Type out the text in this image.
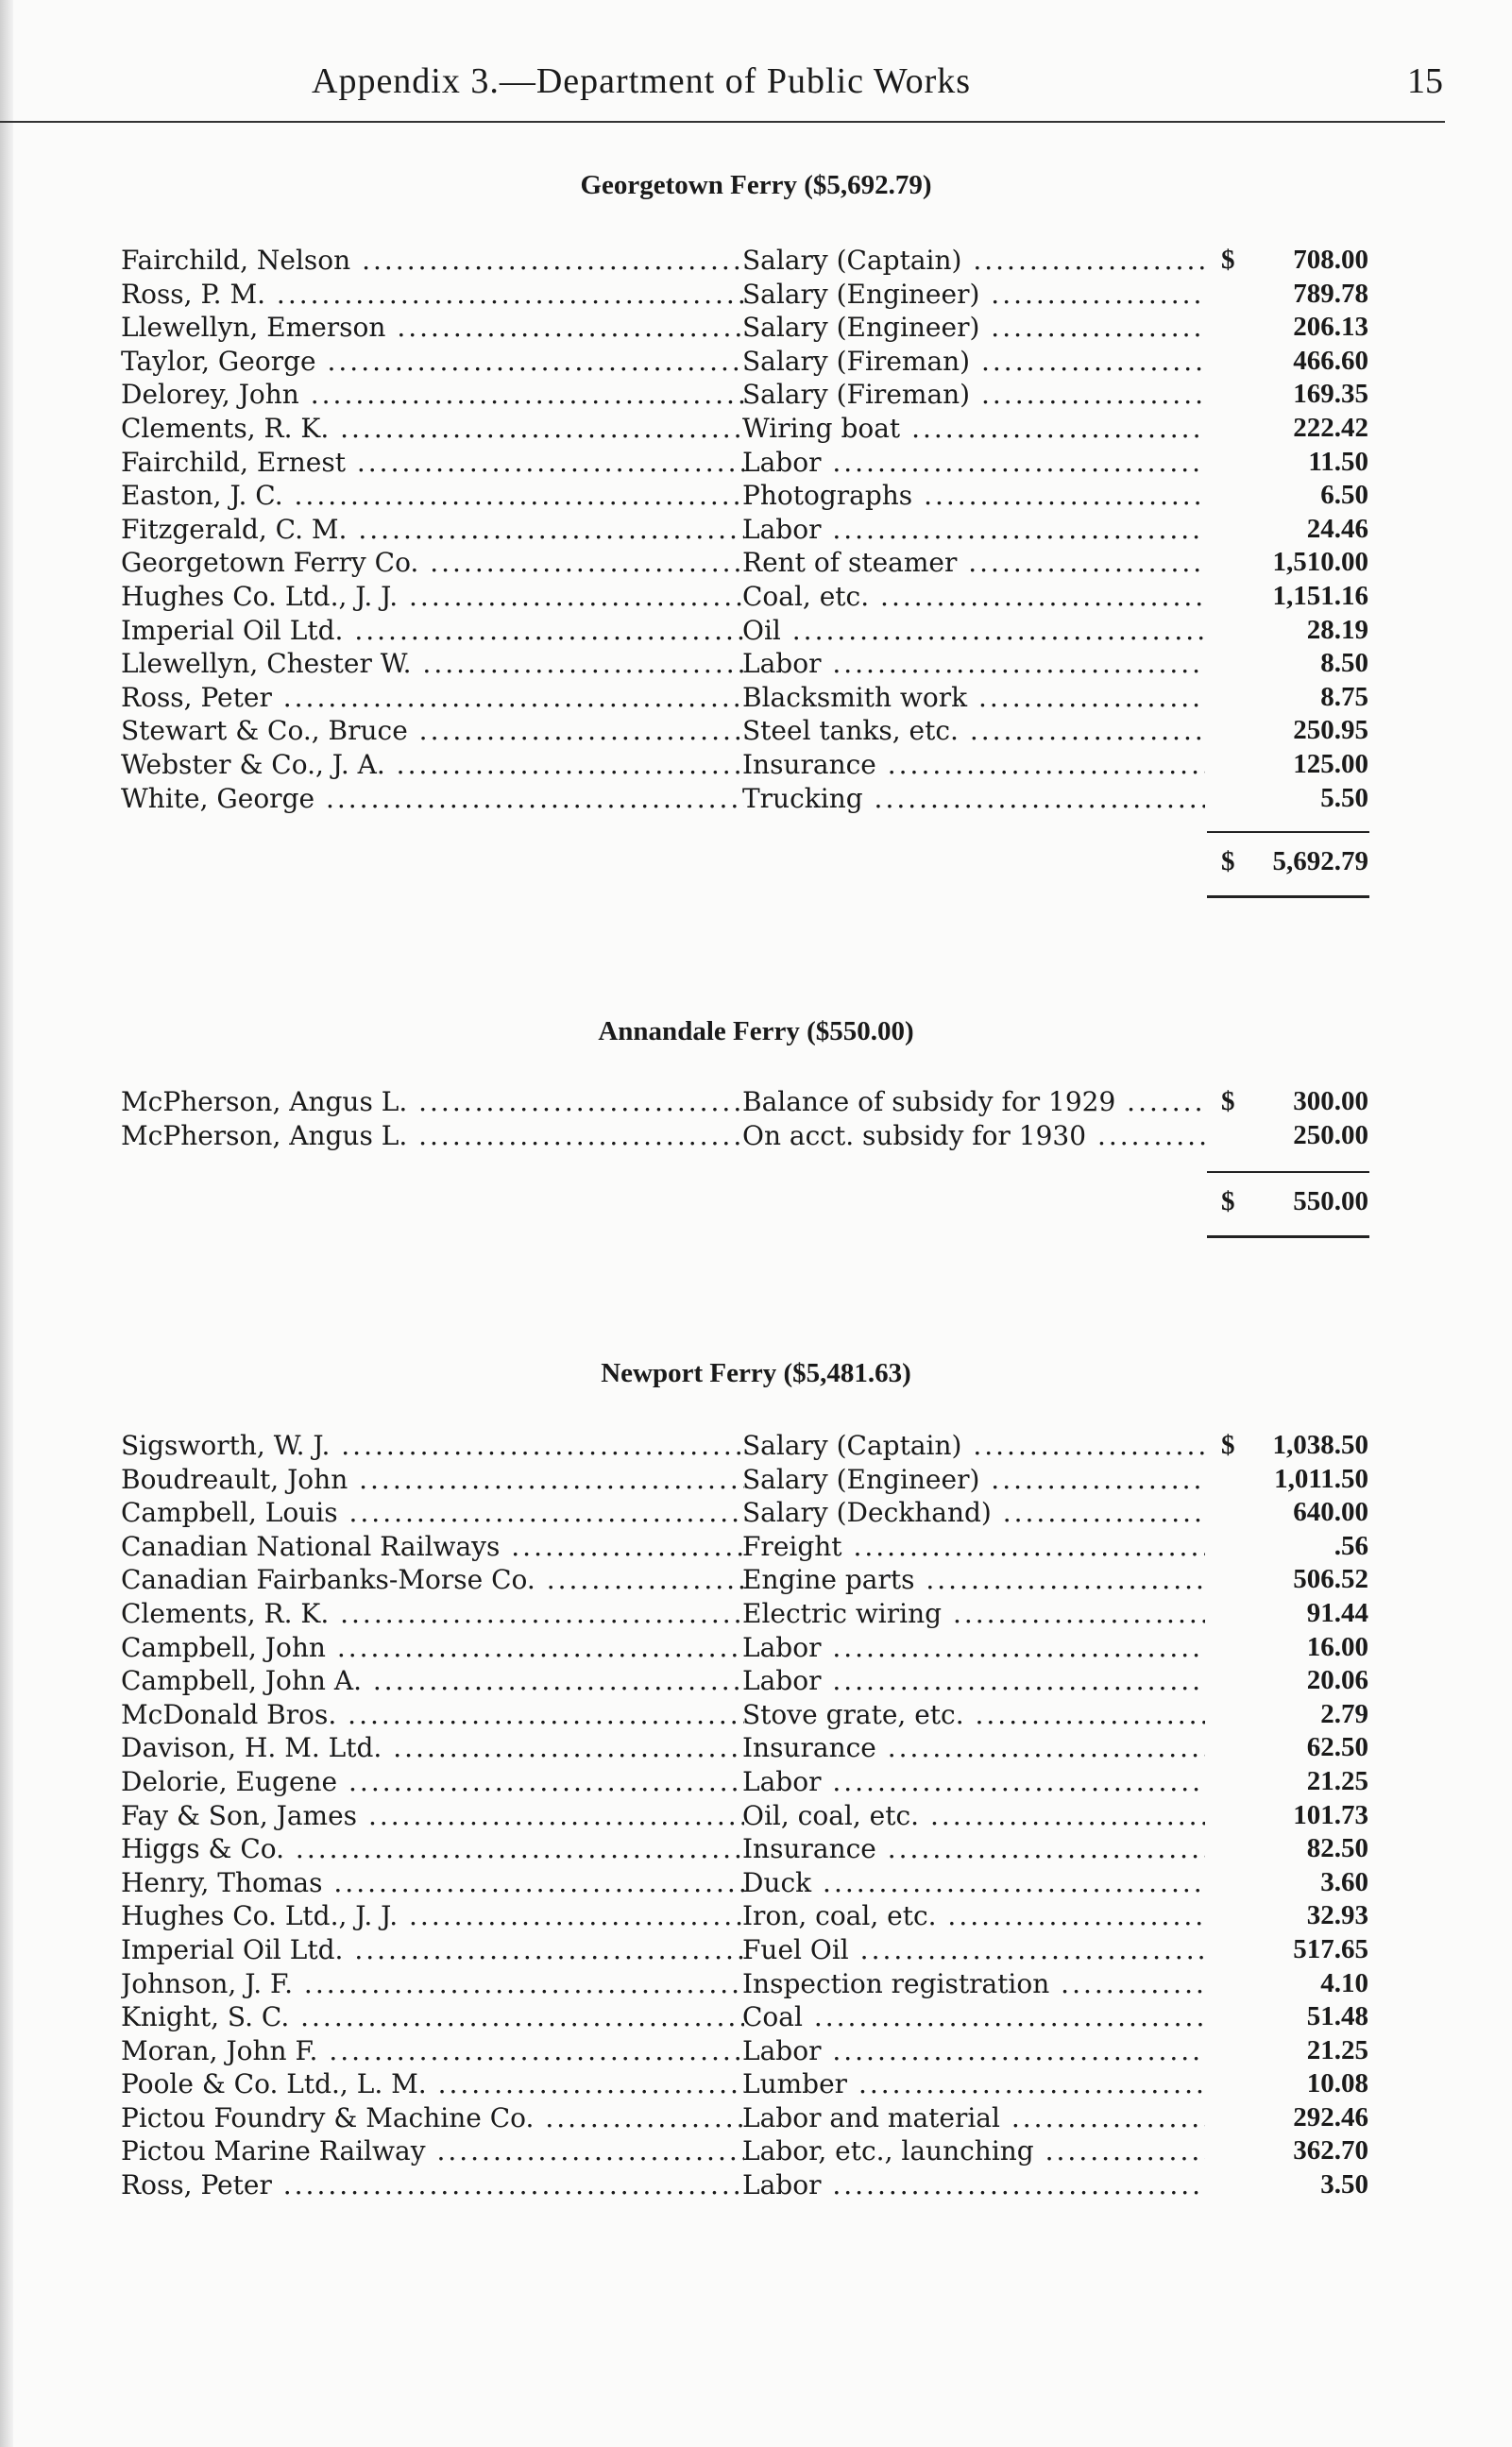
Appendix 3.—Department of Public Works	15
Georgetown Ferry ($5,692.79)
Fairchild, Nelson .....	Salary (Captain) .....	$ 708.00
Ross, P. M. .....	Salary (Engineer) .....	789.78
Llewellyn, Emerson .....	Salary (Engineer) .....	206.13
Taylor, George .....	Salary (Fireman) .....	466.60
Delorey, John .....	Salary (Fireman) .....	169.35
Clements, R. K. .....	Wiring boat .....	222.42
Fairchild, Ernest .....	Labor .....	11.50
Easton, J. C. .....	Photographs .....	6.50
Fitzgerald, C. M. .....	Labor .....	24.46
Georgetown Ferry Co. .....	Rent of steamer .....	1,510.00
Hughes Co. Ltd., J. J. .....	Coal, etc. .....	1,151.16
Imperial Oil Ltd. .....	Oil .....	28.19
Llewellyn, Chester W. .....	Labor .....	8.50
Ross, Peter .....	Blacksmith work .....	8.75
Stewart & Co., Bruce .....	Steel tanks, etc. .....	250.95
Webster & Co., J. A. .....	Insurance .....	125.00
White, George .....	Trucking .....	5.50
$ 5,692.79
Annandale Ferry ($550.00)
McPherson, Angus L. .....	Balance of subsidy for 1929 .....	$ 300.00
McPherson, Angus L. .....	On acct. subsidy for 1930 .....	250.00
$ 550.00
Newport Ferry ($5,481.63)
Sigsworth, W. J. .....	Salary (Captain) .....	$ 1,038.50
Boudreault, John .....	Salary (Engineer) .....	1,011.50
Campbell, Louis .....	Salary (Deckhand) .....	640.00
Canadian National Railways .....	Freight .....	.56
Canadian Fairbanks-Morse Co. .....	Engine parts .....	506.52
Clements, R. K. .....	Electric wiring .....	91.44
Campbell, John .....	Labor .....	16.00
Campbell, John A. .....	Labor .....	20.06
McDonald Bros. .....	Stove grate, etc. .....	2.79
Davison, H. M. Ltd. .....	Insurance .....	62.50
Delorie, Eugene .....	Labor .....	21.25
Fay & Son, James .....	Oil, coal, etc. .....	101.73
Higgs & Co. .....	Insurance .....	82.50
Henry, Thomas .....	Duck .....	3.60
Hughes Co. Ltd., J. J. .....	Iron, coal, etc. .....	32.93
Imperial Oil Ltd. .....	Fuel Oil .....	517.65
Johnson, J. F. .....	Inspection registration .....	4.10
Knight, S. C. .....	Coal .....	51.48
Moran, John F. .....	Labor .....	21.25
Poole & Co. Ltd., L. M. .....	Lumber .....	10.08
Pictou Foundry & Machine Co. .....	Labor and material .....	292.46
Pictou Marine Railway .....	Labor, etc., launching .....	362.70
Ross, Peter .....	Labor .....	3.50
